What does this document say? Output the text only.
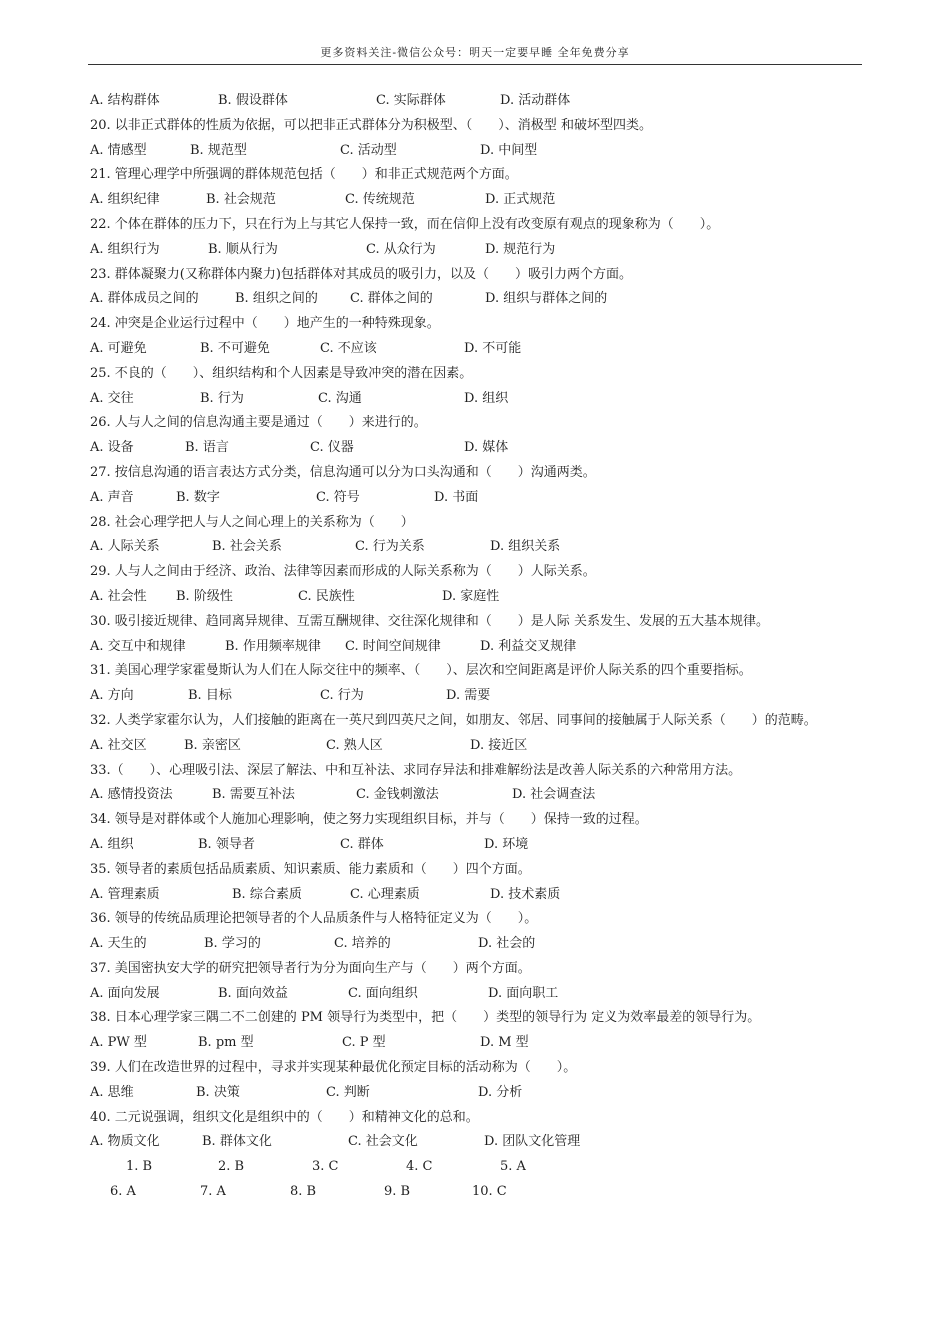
更多资料关注-微信公众号：明天一定要早睡 全年免费分享
A. 结构群体	B. 假设群体	C. 实际群体	D. 活动群体
20. 以非正式群体的性质为依据，可以把非正式群体分为积极型、（　　）、消极型 和破坏型四类。
A. 情感型	B. 规范型	C. 活动型	D. 中间型
21. 管理心理学中所强调的群体规范包括（　　）和非正式规范两个方面。
A. 组织纪律	B. 社会规范	C. 传统规范	D. 正式规范
22. 个体在群体的压力下，只在行为上与其它人保持一致，而在信仰上没有改变原有观点的现象称为（　　）。
A. 组织行为	B. 顺从行为	C. 从众行为	D. 规范行为
23. 群体凝聚力(又称群体内聚力)包括群体对其成员的吸引力，以及（　　）吸引力两个方面。
A. 群体成员之间的	B. 组织之间的 C. 群体之间的	D. 组织与群体之间的
24. 冲突是企业运行过程中（　　）地产生的一种特殊现象。
A. 可避免	B. 不可避免	C. 不应该	D. 不可能
25. 不良的（　　）、组织结构和个人因素是导致冲突的潜在因素。
A. 交往	B. 行为	C. 沟通	D. 组织
26. 人与人之间的信息沟通主要是通过（　　）来进行的。
A. 设备	B. 语言	C. 仪器	D. 媒体
27. 按信息沟通的语言表达方式分类，信息沟通可以分为口头沟通和（　　）沟通两类。
A. 声音	B. 数字	C. 符号	D. 书面
28. 社会心理学把人与人之间心理上的关系称为（　　）
A. 人际关系	B. 社会关系	C. 行为关系	D. 组织关系
29. 人与人之间由于经济、政治、法律等因素而形成的人际关系称为（　　）人际关系。
A. 社会性 B. 阶级性	C. 民族性	D. 家庭性
30. 吸引接近规律、趋同离异规律、互需互酬规律、交往深化规律和（　　）是人际 关系发生、发展的五大基本规律。
A. 交互中和规律	B. 作用频率规律 C. 时间空间规律	D. 利益交叉规律
31. 美国心理学家霍曼斯认为人们在人际交往中的频率、（　　）、层次和空间距离是评价人际关系的四个重要指标。
A. 方向	B. 目标	C. 行为	D. 需要
32. 人类学家霍尔认为，人们接触的距离在一英尺到四英尺之间，如朋友、邻居、同事间的接触属于人际关系（　　）的范畴。
A. 社交区	B. 亲密区	C. 熟人区	D. 接近区
33.（　　）、心理吸引法、深层了解法、中和互补法、求同存异法和排难解纷法是改善人际关系的六种常用方法。
A. 感情投资法	B. 需要互补法	C. 金钱刺激法	D. 社会调查法
34. 领导是对群体或个人施加心理影响，使之努力实现组织目标，并与（　　）保持一致的过程。
A. 组织	B. 领导者	C. 群体	D. 环境
35. 领导者的素质包括品质素质、知识素质、能力素质和（　　）四个方面。
A. 管理素质	B. 综合素质	C. 心理素质	D. 技术素质
36. 领导的传统品质理论把领导者的个人品质条件与人格特征定义为（　　）。
A. 天生的	B. 学习的	C. 培养的	D. 社会的
37. 美国密执安大学的研究把领导者行为分为面向生产与（　　）两个方面。
A. 面向发展	B. 面向效益	C. 面向组织	D. 面向职工
38. 日本心理学家三隅二不二创建的 PM 领导行为类型中，把（　　）类型的领导行为 定义为效率最差的领导行为。
A. PW 型	B. pm 型	C. P 型	D. M 型
39. 人们在改造世界的过程中，寻求并实现某种最优化预定目标的活动称为（　　）。
A. 思维	B. 决策	C. 判断	D. 分析
40. 二元说强调，组织文化是组织中的（　　）和精神文化的总和。
A. 物质文化	B. 群体文化	C. 社会文化	D. 团队文化管理
1. B	2. B	3. C	4. C	5. A
6. A	7. A	8. B	9. B	10. C
